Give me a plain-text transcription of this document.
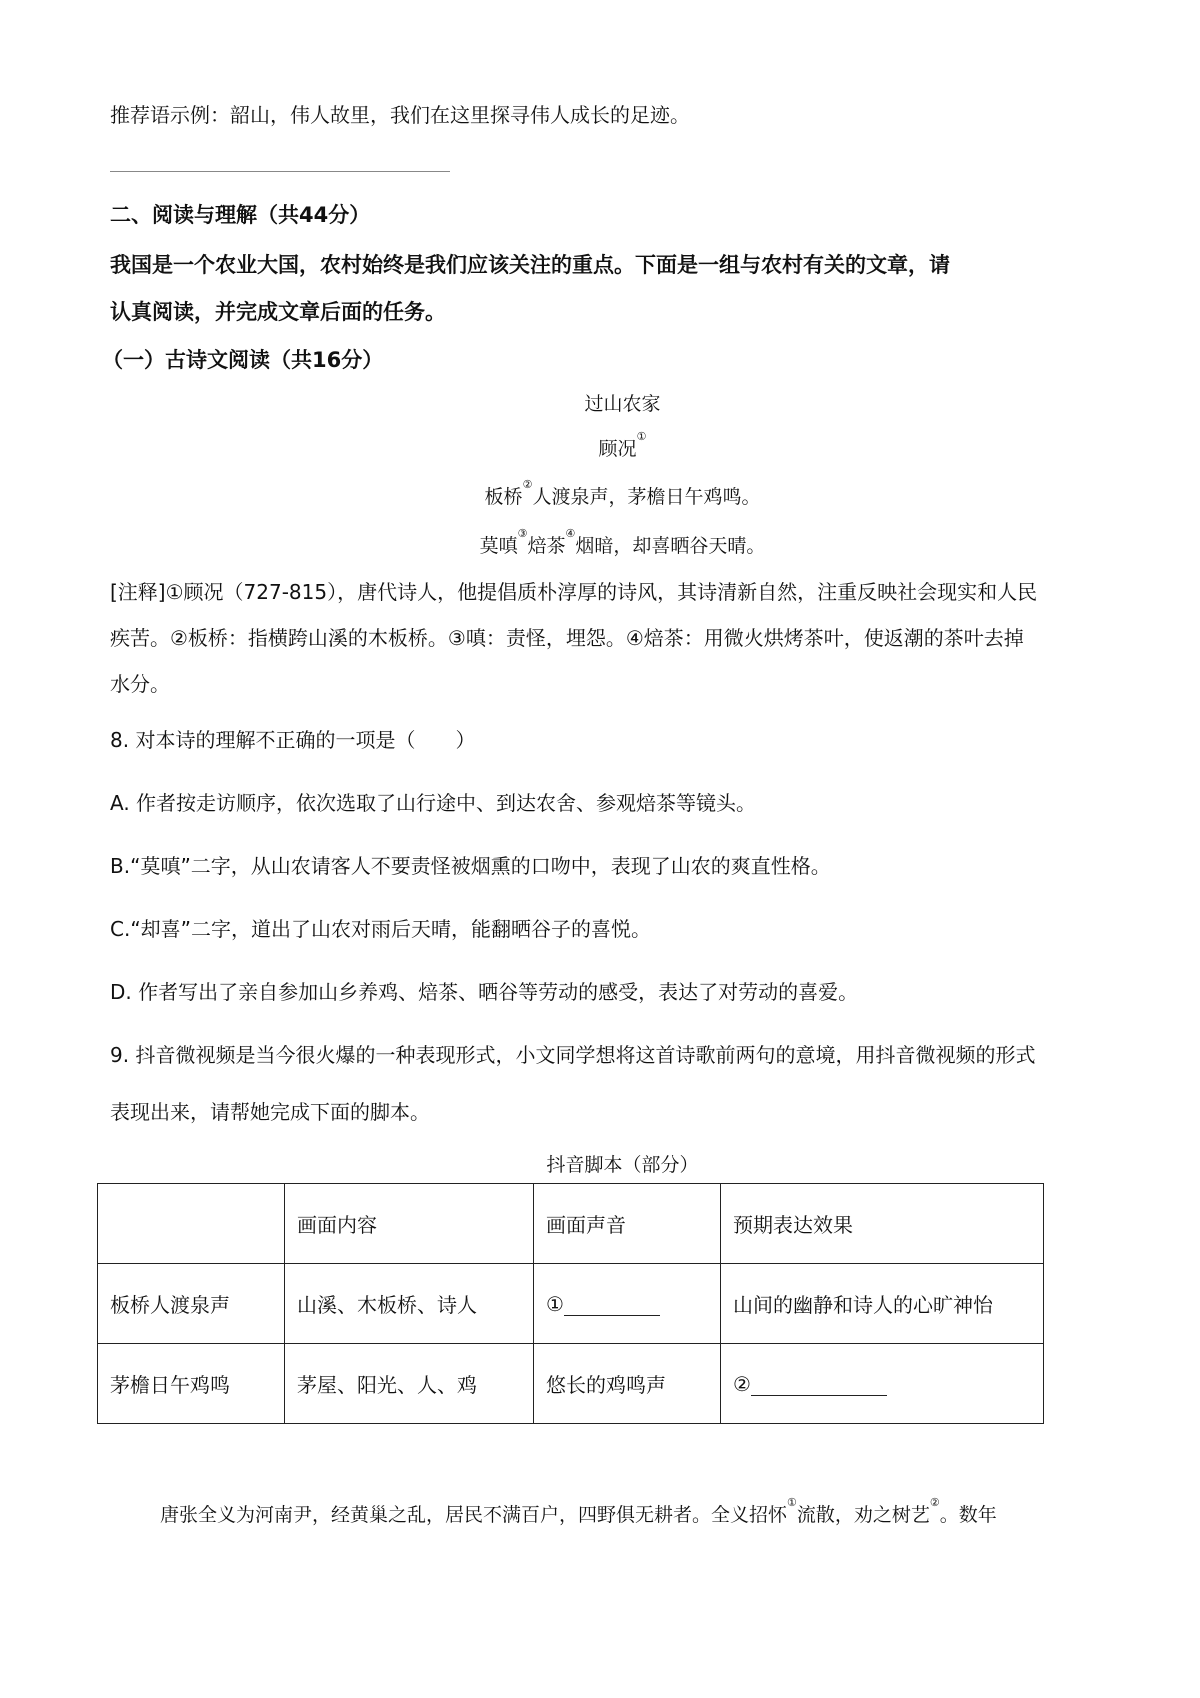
推荐语示例：韶山，伟人故里，我们在这里探寻伟人成长的足迹。
二、阅读与理解（共44分）
我国是一个农业大国，农村始终是我们应该关注的重点。下面是一组与农村有关的文章，请
认真阅读，并完成文章后面的任务。
（一）古诗文阅读（共16分）
过山农家
顾况①
板桥②人渡泉声，茅檐日午鸡鸣。
莫嗔③焙茶④烟暗，却喜晒谷天晴。
[注释]①顾况（727-815），唐代诗人，他提倡质朴淳厚的诗风，其诗清新自然，注重反映社会现实和人民
疾苦。②板桥：指横跨山溪的木板桥。③嗔：责怪，埋怨。④焙茶：用微火烘烤茶叶，使返潮的茶叶去掉
水分。
8. 对本诗的理解不正确的一项是（　　）
A. 作者按走访顺序，依次选取了山行途中、到达农舍、参观焙茶等镜头。
B.“莫嗔”二字，从山农请客人不要责怪被烟熏的口吻中，表现了山农的爽直性格。
C.“却喜”二字，道出了山农对雨后天晴，能翻晒谷子的喜悦。
D. 作者写出了亲自参加山乡养鸡、焙茶、晒谷等劳动的感受，表达了对劳动的喜爱。
9. 抖音微视频是当今很火爆的一种表现形式，小文同学想将这首诗歌前两句的意境，用抖音微视频的形式
表现出来，请帮她完成下面的脚本。
抖音脚本（部分）
	画面内容	画面声音	预期表达效果
板桥人渡泉声	山溪、木板桥、诗人	①	山间的幽静和诗人的心旷神怡
茅檐日午鸡鸣	茅屋、阳光、人、鸡	悠长的鸡鸣声	②
唐张全义为河南尹，经黄巢之乱，居民不满百户，四野俱无耕者。全义招怀①流散，劝之树艺②。数年
